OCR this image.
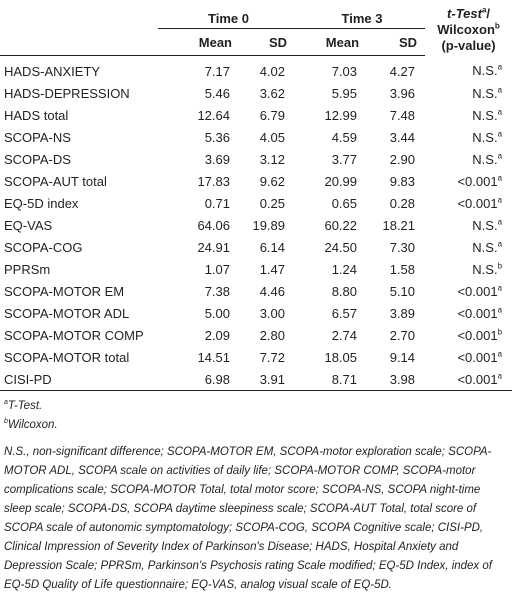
	Time 0		Time 3		t-Test$^a$/
Wilcoxon$^b$
(p-value)
	Mean	SD	Mean	SD	
HADS-ANXIETY	7.17	4.02	7.03	4.27	N.S.$^a$
HADS-DEPRESSION	5.46	3.62	5.95	3.96	N.S.$^a$
HADS total	12.64	6.79	12.99	7.48	N.S.$^a$
SCOPA-NS	5.36	4.05	4.59	3.44	N.S.$^a$
SCOPA-DS	3.69	3.12	3.77	2.90	N.S.$^a$
SCOPA-AUT total	17.83	9.62	20.99	9.83	<0.001$^a$
EQ-5D index	0.71	0.25	0.65	0.28	<0.001$^a$
EQ-VAS	64.06	19.89	60.22	18.21	N.S.$^a$
SCOPA-COG	24.91	6.14	24.50	7.30	N.S.$^a$
PPRSm	1.07	1.47	1.24	1.58	N.S.$^b$
SCOPA-MOTOR EM	7.38	4.46	8.80	5.10	<0.001$^a$
SCOPA-MOTOR ADL	5.00	3.00	6.57	3.89	<0.001$^a$
SCOPA-MOTOR COMP	2.09	2.80	2.74	2.70	<0.001$^b$
SCOPA-MOTOR total	14.51	7.72	18.05	9.14	<0.001$^a$
CISI-PD	6.98	3.91	8.71	3.98	<0.001$^a$

$^a$T-Test.

$^b$Wilcoxon.

N.S., non-significant difference; SCOPA-MOTOR EM, SCOPA-motor exploration scale; SCOPA-MOTOR ADL, SCOPA scale on activities of daily life; SCOPA-MOTOR COMP, SCOPA-motor complications scale; SCOPA-MOTOR Total, total motor score; SCOPA-NS, SCOPA night-time sleep scale; SCOPA-DS, SCOPA daytime sleepiness scale; SCOPA-AUT Total, total score of SCOPA scale of autonomic symptomatology; SCOPA-COG, SCOPA Cognitive scale; CISI-PD, Clinical Impression of Severity Index of Parkinson's Disease; HADS, Hospital Anxiety and Depression Scale; PPRSm, Parkinson's Psychosis rating Scale modified; EQ-5D Index, index of EQ-5D Quality of Life questionnaire; EQ-VAS, analog visual scale of EQ-5D.
